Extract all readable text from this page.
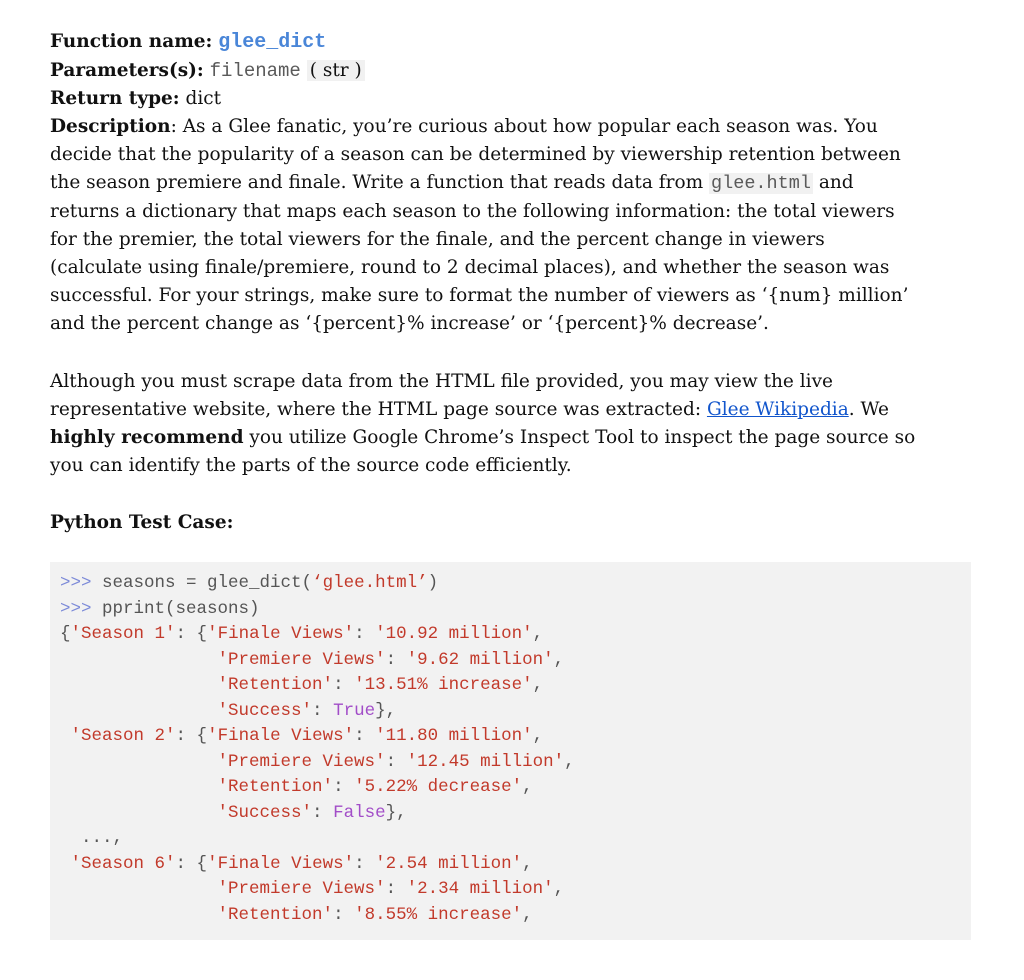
Function name: glee_dict
Parameters(s): filename ( str )
Return type: dict
Description: As a Glee fanatic, you’re curious about how popular each season was. You
decide that the popularity of a season can be determined by viewership retention between
the season premiere and finale. Write a function that reads data from glee.html and
returns a dictionary that maps each season to the following information: the total viewers
for the premier, the total viewers for the finale, and the percent change in viewers
(calculate using finale/premiere, round to 2 decimal places), and whether the season was
successful. For your strings, make sure to format the number of viewers as ‘{num} million’
and the percent change as ‘{percent}% increase’ or ‘{percent}% decrease’.
Although you must scrape data from the HTML file provided, you may view the live
representative website, where the HTML page source was extracted: Glee Wikipedia. We
highly recommend you utilize Google Chrome’s Inspect Tool to inspect the page source so
you can identify the parts of the source code efficiently.
Python Test Case:
>>> seasons = glee_dict(‘glee.html’)
>>> pprint(seasons)
{'Season 1': {'Finale Views': '10.92 million',
'Premiere Views': '9.62 million',
'Retention': '13.51% increase',
'Success': True},
'Season 2': {'Finale Views': '11.80 million',
'Premiere Views': '12.45 million',
'Retention': '5.22% decrease',
'Success': False},
...,
'Season 6': {'Finale Views': '2.54 million',
'Premiere Views': '2.34 million',
'Retention': '8.55% increase',
